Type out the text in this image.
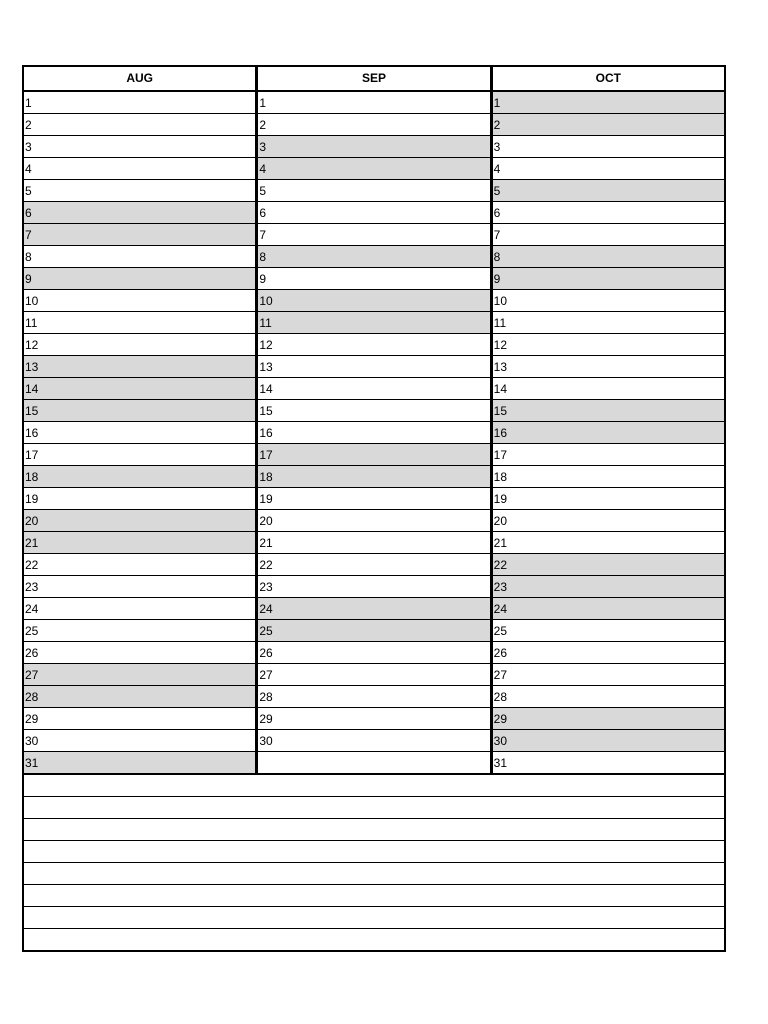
AUG	SEP	OCT
1
2
3
4
5
6
7
8
9
10
11
12
13
14
15
16
17
18
19
20
21
22
23
24
25
26
27
28
29
30
31
1
2
3
4
5
6
7
8
9
10
11
12
13
14
15
16
17
18
19
20
21
22
23
24
25
26
27
28
29
30
1
2
3
4
5
6
7
8
9
10
11
12
13
14
15
16
17
18
19
20
21
22
23
24
25
26
27
28
29
30
31
